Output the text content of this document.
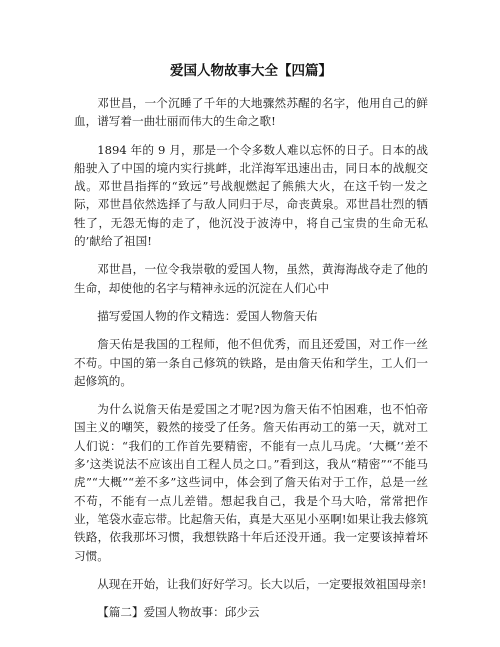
爱国人物故事大全【四篇】

邓世昌，一个沉睡了千年的大地骤然苏醒的名字，他用自己的鲜血，谱写着一曲壮丽而伟大的生命之歌!

1894 年的 9 月，那是一个令多数人难以忘怀的日子。日本的战船驶入了中国的境内实行挑衅，北洋海军迅速出击，同日本的战舰交战。邓世昌指挥的“致远”号战舰燃起了熊熊大火，在这千钧一发之际，邓世昌依然选择了与敌人同归于尽，命丧黄泉。邓世昌壮烈的牺牲了，无怨无悔的走了，他沉没于波涛中，将自己宝贵的生命无私的’献给了祖国!

邓世昌，一位令我崇敬的爱国人物，虽然，黄海海战夺走了他的生命，却使他的名字与精神永远的沉淀在人们心中

描写爱国人物的作文精选：爱国人物詹天佑

詹天佑是我国的工程师，他不但优秀，而且还爱国，对工作一丝不苟。中国的第一条自己修筑的铁路，是由詹天佑和学生，工人们一起修筑的。

为什么说詹天佑是爱国之才呢?因为詹天佑不怕困难，也不怕帝国主义的嘲笑，毅然的接受了任务。詹天佑再动工的第一天，就对工人们说：“我们的工作首先要精密，不能有一点儿马虎。‘大概’‘差不多’这类说法不应该出自工程人员之口。”看到这，我从“精密”“不能马虎”“大概”“差不多”这些词中，体会到了詹天佑对于工作，总是一丝不苟，不能有一点儿差错。想起我自己，我是个马大哈，常常把作业，笔袋水壶忘带。比起詹天佑，真是大巫见小巫啊!如果让我去修筑铁路，依我那坏习惯，我想铁路十年后还没开通。我一定要该掉着坏习惯。

从现在开始，让我们好好学习。长大以后，一定要报效祖国母亲!

【篇二】爱国人物故事：邱少云
